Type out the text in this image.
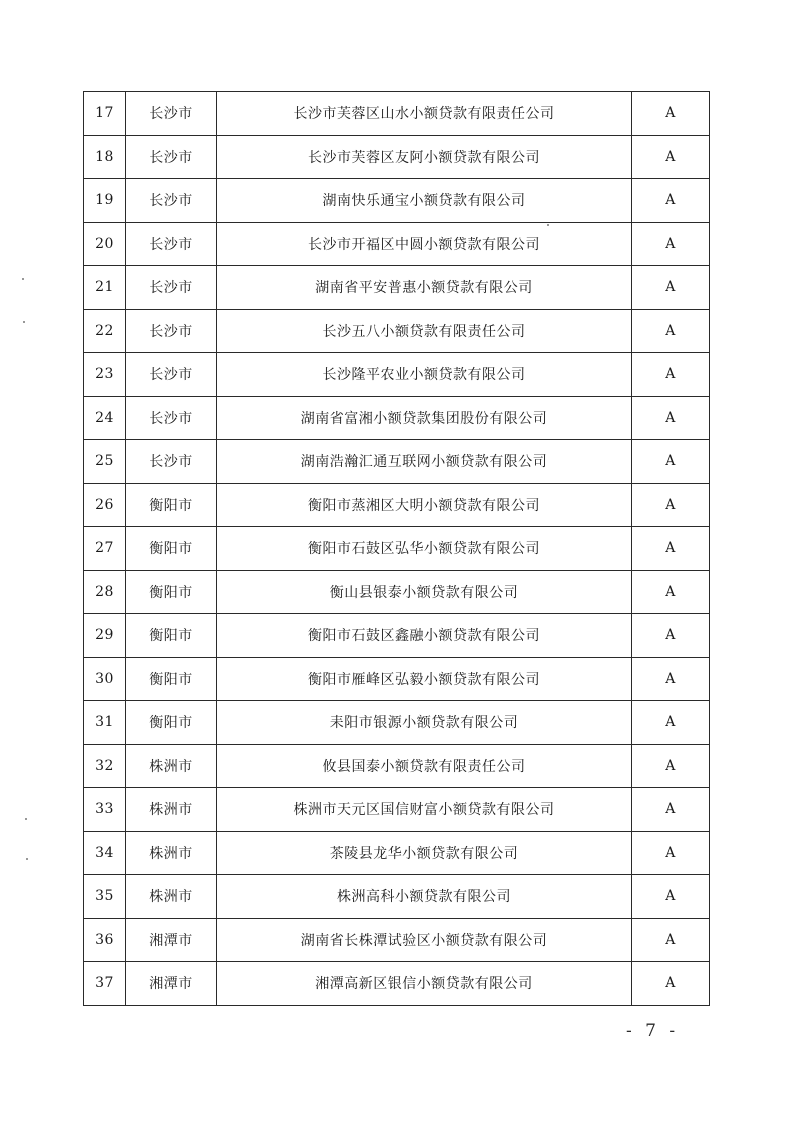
17	长沙市	长沙市芙蓉区山水小额贷款有限责任公司	A
18	长沙市	长沙市芙蓉区友阿小额贷款有限公司	A
19	长沙市	湖南快乐通宝小额贷款有限公司	A
20	长沙市	长沙市开福区中圆小额贷款有限公司	A
21	长沙市	湖南省平安普惠小额贷款有限公司	A
22	长沙市	长沙五八小额贷款有限责任公司	A
23	长沙市	长沙隆平农业小额贷款有限公司	A
24	长沙市	湖南省富湘小额贷款集团股份有限公司	A
25	长沙市	湖南浩瀚汇通互联网小额贷款有限公司	A
26	衡阳市	衡阳市蒸湘区大明小额贷款有限公司	A
27	衡阳市	衡阳市石鼓区弘华小额贷款有限公司	A
28	衡阳市	衡山县银泰小额贷款有限公司	A
29	衡阳市	衡阳市石鼓区鑫融小额贷款有限公司	A
30	衡阳市	衡阳市雁峰区弘毅小额贷款有限公司	A
31	衡阳市	耒阳市银源小额贷款有限公司	A
32	株洲市	攸县国泰小额贷款有限责任公司	A
33	株洲市	株洲市天元区国信财富小额贷款有限公司	A
34	株洲市	茶陵县龙华小额贷款有限公司	A
35	株洲市	株洲高科小额贷款有限公司	A
36	湘潭市	湖南省长株潭试验区小额贷款有限公司	A
37	湘潭市	湘潭高新区银信小额贷款有限公司	A
- 7 -
